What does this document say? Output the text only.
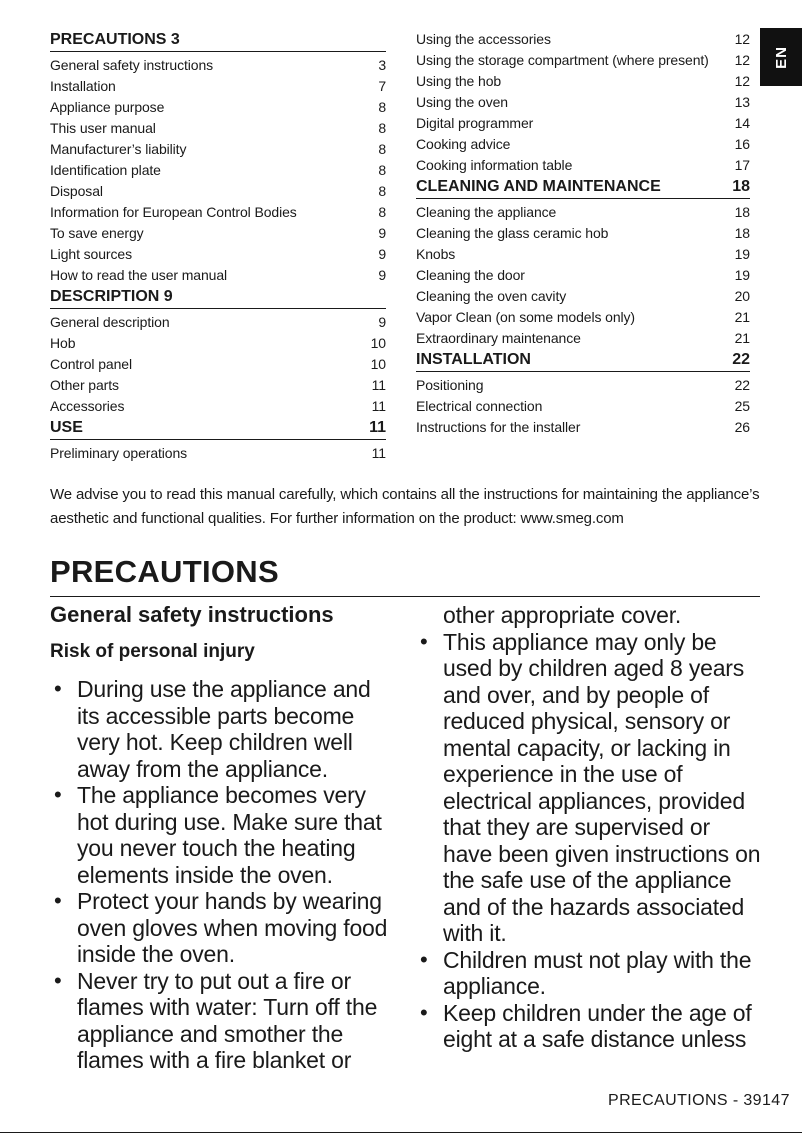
PRECAUTIONS 3
General safety instructions	3
Installation	7
Appliance purpose	8
This user manual	8
Manufacturer’s liability	8
Identification plate	8
Disposal	8
Information for European Control Bodies	8
To save energy	9
Light sources	9
How to read the user manual	9
DESCRIPTION 9
General description	9
Hob	10
Control panel	10
Other parts	11
Accessories	11
USE	11
Preliminary operations	11
Using the accessories	12
Using the storage compartment (where present)	12
Using the hob	12
Using the oven	13
Digital programmer	14
Cooking advice	16
Cooking information table	17
CLEANING AND MAINTENANCE	18
Cleaning the appliance	18
Cleaning the glass ceramic hob	18
Knobs	19
Cleaning the door	19
Cleaning the oven cavity	20
Vapor Clean (on some models only)	21
Extraordinary maintenance	21
INSTALLATION	22
Positioning	22
Electrical connection	25
Instructions for the installer	26
EN

We advise you to read this manual carefully, which contains all the instructions for maintaining the appliance’s aesthetic and functional qualities. For further information on the product: www.smeg.com

PRECAUTIONS
General safety instructions
Risk of personal injury
• During use the appliance and its accessible parts become very hot. Keep children well away from the appliance.
• The appliance becomes very hot during use. Make sure that you never touch the heating elements inside the oven.
• Protect your hands by wearing oven gloves when moving food inside the oven.
• Never try to put out a fire or flames with water: Turn off the appliance and smother the flames with a fire blanket or

other appropriate cover.

• This appliance may only be used by children aged 8 years and over, and by people of reduced physical, sensory or mental capacity, or lacking in experience in the use of electrical appliances, provided that they are supervised or have been given instructions on the safe use of the appliance and of the hazards associated with it.
• Children must not play with the appliance.
• Keep children under the age of eight at a safe distance unless
PRECAUTIONS - 39147
